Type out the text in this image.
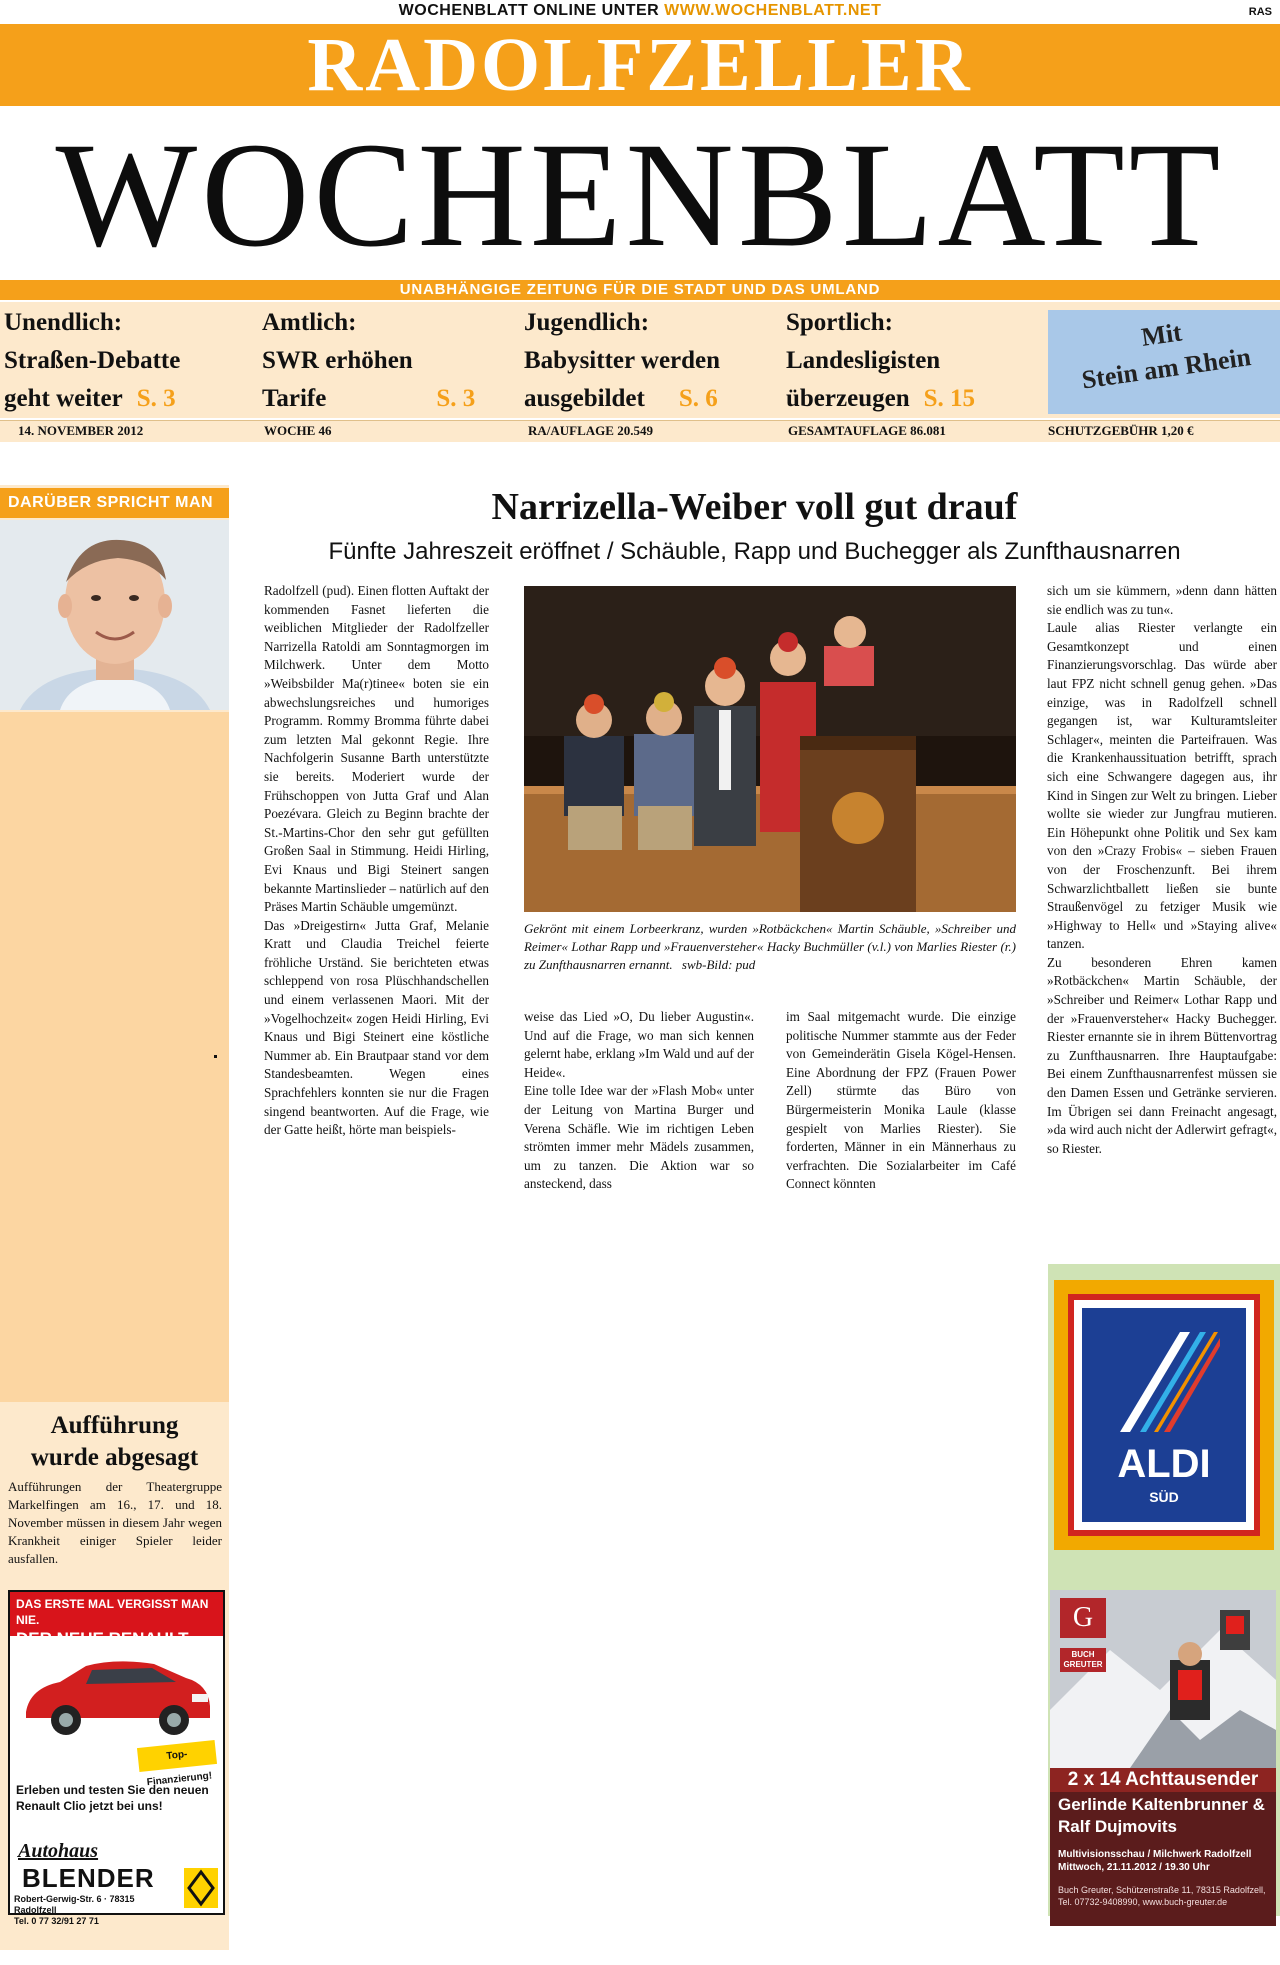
WOCHENBLATT ONLINE UNTER WWW.WOCHENBLATT.NET	RAS
RADOLFZELLER
WOCHENBLATT
UNABHÄNGIGE ZEITUNG FÜR DIE STADT UND DAS UMLAND
Unendlich:
Straßen-Debatte
geht weiter S. 3
Amtlich:
SWR erhöhen
Tarife	S. 3
Jugendlich:
Babysitter werden
ausgebildet S. 6
Sportlich:
Landesligisten
überzeugen S. 15
Mit
Stein am Rhein
14. NOVEMBER 2012	WOCHE 46	RA/AUFLAGE 20.549	GESAMTAUFLAGE 86.081	SCHUTZGEBÜHR 1,20 €
DARÜBER SPRICHT MAN
Aufführung
wurde abgesagt
Aufführungen der Theatergruppe Markelfingen am 16., 17. und 18. November müssen in diesem Jahr wegen Krankheit einiger Spieler leider ausfallen.
DAS ERSTE MAL VERGISST MAN NIE.
DER NEUE RENAULT CLIO.
Top-Finanzierung!
Erleben und testen Sie den neuen Renault Clio jetzt bei uns!
Autohaus
BLENDER
Robert-Gerwig-Str. 6 · 78315 Radolfzell
Tel. 0 77 32/91 27 71
Narrizella-Weiber voll gut drauf
Fünfte Jahreszeit eröffnet / Schäuble, Rapp und Buchegger als Zunfthausnarren

Radolfzell (pud). Einen flotten Auftakt der kommenden Fasnet lieferten die weiblichen Mitglieder der Radolfzeller Narrizella Ratoldi am Sonntagmorgen im Milchwerk. Unter dem Motto »Weibsbilder Ma(r)tinee« boten sie ein abwechslungsreiches und humoriges Programm. Rommy Bromma führte dabei zum letzten Mal gekonnt Regie. Ihre Nachfolgerin Susanne Barth unterstützte sie bereits. Moderiert wurde der Frühschoppen von Jutta Graf und Alan Poezévara. Gleich zu Beginn brachte der St.-Martins-Chor den sehr gut gefüllten Großen Saal in Stimmung. Heidi Hirling, Evi Knaus und Bigi Steinert sangen bekannte Martinslieder – natürlich auf den Präses Martin Schäuble umgemünzt.

Das »Dreigestirn« Jutta Graf, Melanie Kratt und Claudia Treichel feierte fröhliche Urständ. Sie berichteten etwas schleppend von rosa Plüschhandschellen und einem verlassenen Maori. Mit der »Vogelhochzeit« zogen Heidi Hirling, Evi Knaus und Bigi Steinert eine köstliche Nummer ab. Ein Brautpaar stand vor dem Standesbeamten. Wegen eines Sprachfehlers konnten sie nur die Fragen singend beantworten. Auf die Frage, wie der Gatte heißt, hörte man beispiels-

Gekrönt mit einem Lorbeerkranz, wurden »Rotbäckchen« Martin Schäuble, »Schreiber und Reimer« Lothar Rapp und »Frauenversteher« Hacky Buchmüller (v.l.) von Marlies Riester (r.) zu Zunfthausnarren ernannt. swb-Bild: pud

weise das Lied »O, Du lieber Augustin«. Und auf die Frage, wo man sich kennen gelernt habe, erklang »Im Wald und auf der Heide«.

Eine tolle Idee war der »Flash Mob« unter der Leitung von Martina Burger und Verena Schäfle. Wie im richtigen Leben strömten immer mehr Mädels zusammen, um zu tanzen. Die Aktion war so ansteckend, dass

im Saal mitgemacht wurde. Die einzige politische Nummer stammte aus der Feder von Gemeinderätin Gisela Kögel-Hensen. Eine Abordnung der FPZ (Frauen Power Zell) stürmte das Büro von Bürgermeisterin Monika Laule (klasse gespielt von Marlies Riester). Sie forderten, Männer in ein Männerhaus zu verfrachten. Die Sozialarbeiter im Café Connect könnten

sich um sie kümmern, »denn dann hätten sie endlich was zu tun«.

Laule alias Riester verlangte ein Gesamtkonzept und einen Finanzierungsvorschlag. Das würde aber laut FPZ nicht schnell genug gehen. »Das einzige, was in Radolfzell schnell gegangen ist, war Kulturamtsleiter Schlager«, meinten die Parteifrauen. Was die Krankenhaussituation betrifft, sprach sich eine Schwangere dagegen aus, ihr Kind in Singen zur Welt zu bringen. Lieber wollte sie wieder zur Jungfrau mutieren. Ein Höhepunkt ohne Politik und Sex kam von den »Crazy Frobis« – sieben Frauen von der Froschenzunft. Bei ihrem Schwarzlichtballett ließen sie bunte Straußenvögel zu fetziger Musik wie »Highway to Hell« und »Staying alive« tanzen.

Zu besonderen Ehren kamen »Rotbäckchen« Martin Schäuble, der »Schreiber und Reimer« Lothar Rapp und der »Frauenversteher« Hacky Buchegger. Riester ernannte sie in ihrem Büttenvortrag zu Zunfthausnarren. Ihre Hauptaufgabe: Bei einem Zunfthausnarrenfest müssen sie den Damen Essen und Getränke servieren. Im Übrigen sei dann Freinacht angesagt, »da wird auch nicht der Adlerwirt gefragt«, so Riester.

ALDI
SÜD
G
BUCH GREUTER
2 x 14 Achttausender
Gerlinde Kaltenbrunner & Ralf Dujmovits
Multivisionsschau / Milchwerk Radolfzell
Mittwoch, 21.11.2012 / 19.30 Uhr
Buch Greuter, Schützenstraße 11, 78315 Radolfzell, Tel. 07732-9408990, www.buch-greuter.de
